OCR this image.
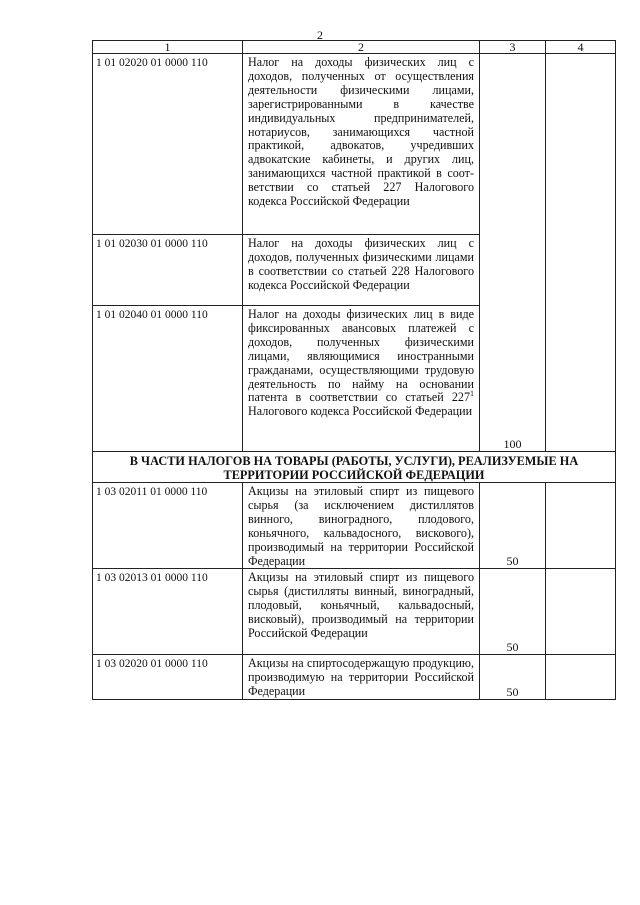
2
1	2	3	4
1 01 02020 01 0000 110	Налог на доходы физических лиц с доходов, полученных от осуществления деятельности физическими лицами, зарегистрированными в качестве индивидуальных предпринимателей, нотариусов, занимающихся частной практикой, адвокатов, учредивших адвокатские кабинеты, и других лиц, занимающихся частной практикой в соответствии со статьей 227 Налогового кодекса Российской Федерации	100	
1 01 02030 01 0000 110	Налог на доходы физических лиц с доходов, полученных физическими лицами в соответствии со статьей 228 Налогового кодекса Российской Федерации		
1 01 02040 01 0000 110	Налог на доходы физических лиц в виде фиксированных авансовых платежей с доходов, полученных физическими лицами, являющимися иностранными гражданами, осуществляющими трудовую деятельность по найму на основании патента в соответствии со статьей $227^1$ Налогового кодекса Российской Федерации		
В ЧАСТИ НАЛОГОВ НА ТОВАРЫ (РАБОТЫ, УСЛУГИ), РЕАЛИЗУЕМЫЕ НА ТЕРРИТОРИИ РОССИЙСКОЙ ФЕДЕРАЦИИ			
1 03 02011 01 0000 110	Акцизы на этиловый спирт из пищевого сырья (за исключением дистиллятов винного, виноградного, плодового, коньячного, кальвадосного, вискового), производимый на территории Российской Федерации	50	
1 03 02013 01 0000 110	Акцизы на этиловый спирт из пищевого сырья (дистилляты винный, виноградный, плодовый, коньячный, кальвадосный, висковый), производимый на территории Российской Федерации	50	
1 03 02020 01 0000 110	Акцизы на спиртосодержащую продукцию, производимую на территории Российской Федерации	50	
